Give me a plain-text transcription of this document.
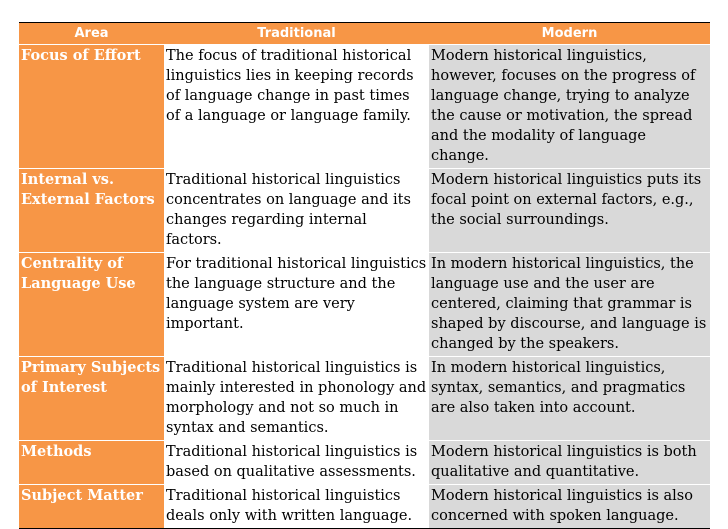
Area	Traditional	Modern
Focus of Effort	The focus of traditional historical linguistics lies in keeping records of language change in past times of a language or language family.	Modern historical linguistics, however, focuses on the progress of language change, trying to analyze the cause or motivation, the spread and the modality of language change.
Internal vs. External Factors	Traditional historical linguistics concentrates on language and its changes regarding internal factors.	Modern historical linguistics puts its focal point on external factors, e.g., the social surroundings.
Centrality of Language Use	For traditional historical linguistics the language structure and the language system are very important.	In modern historical linguistics, the language use and the user are centered, claiming that grammar is shaped by discourse, and language is changed by the speakers.
Primary Subjects of Interest	Traditional historical linguistics is mainly interested in phonology and morphology and not so much in syntax and semantics.	In modern historical linguistics, syntax, semantics, and pragmatics are also taken into account.
Methods	Traditional historical linguistics is based on qualitative assessments.	Modern historical linguistics is both qualitative and quantitative.
Subject Matter	Traditional historical linguistics deals only with written language.	Modern historical linguistics is also concerned with spoken language.
